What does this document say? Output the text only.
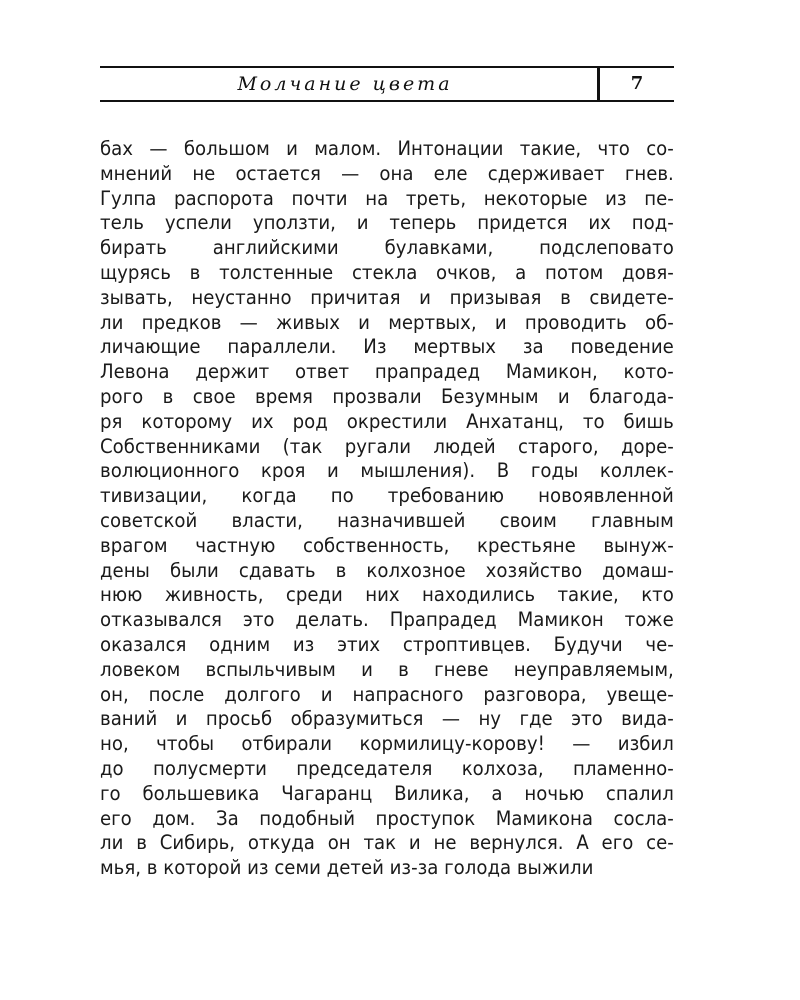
Молчание цвета	7
бах — большом и малом. Интонации такие, что со-
мнений не остается — она еле сдерживает гнев.
Гулпа распорота почти на треть, некоторые из пе-
тель успели уползти, и теперь придется их под-
бирать английскими булавками, подслеповато
щурясь в толстенные стекла очков, а потом довя-
зывать, неустанно причитая и призывая в свидете-
ли предков — живых и мертвых, и проводить об-
личающие параллели. Из мертвых за поведение
Левона держит ответ прапрадед Мамикон, кото-
рого в свое время прозвали Безумным и благода-
ря которому их род окрестили Анхатанц, то бишь
Собственниками (так ругали людей старого, доре-
волюционного кроя и мышления). В годы коллек-
тивизации, когда по требованию новоявленной
советской власти, назначившей своим главным
врагом частную собственность, крестьяне вынуж-
дены были сдавать в колхозное хозяйство домаш-
нюю живность, среди них находились такие, кто
отказывался это делать. Прапрадед Мамикон тоже
оказался одним из этих строптивцев. Будучи че-
ловеком вспыльчивым и в гневе неуправляемым,
он, после долгого и напрасного разговора, увеще-
ваний и просьб образумиться — ну где это вида-
но, чтобы отбирали кормилицу-корову! — избил
до полусмерти председателя колхоза, пламенно-
го большевика Чагаранц Вилика, а ночью спалил
его дом. За подобный проступок Мамикона сосла-
ли в Сибирь, откуда он так и не вернулся. А его се-
мья, в которой из семи детей из-за голода выжили
